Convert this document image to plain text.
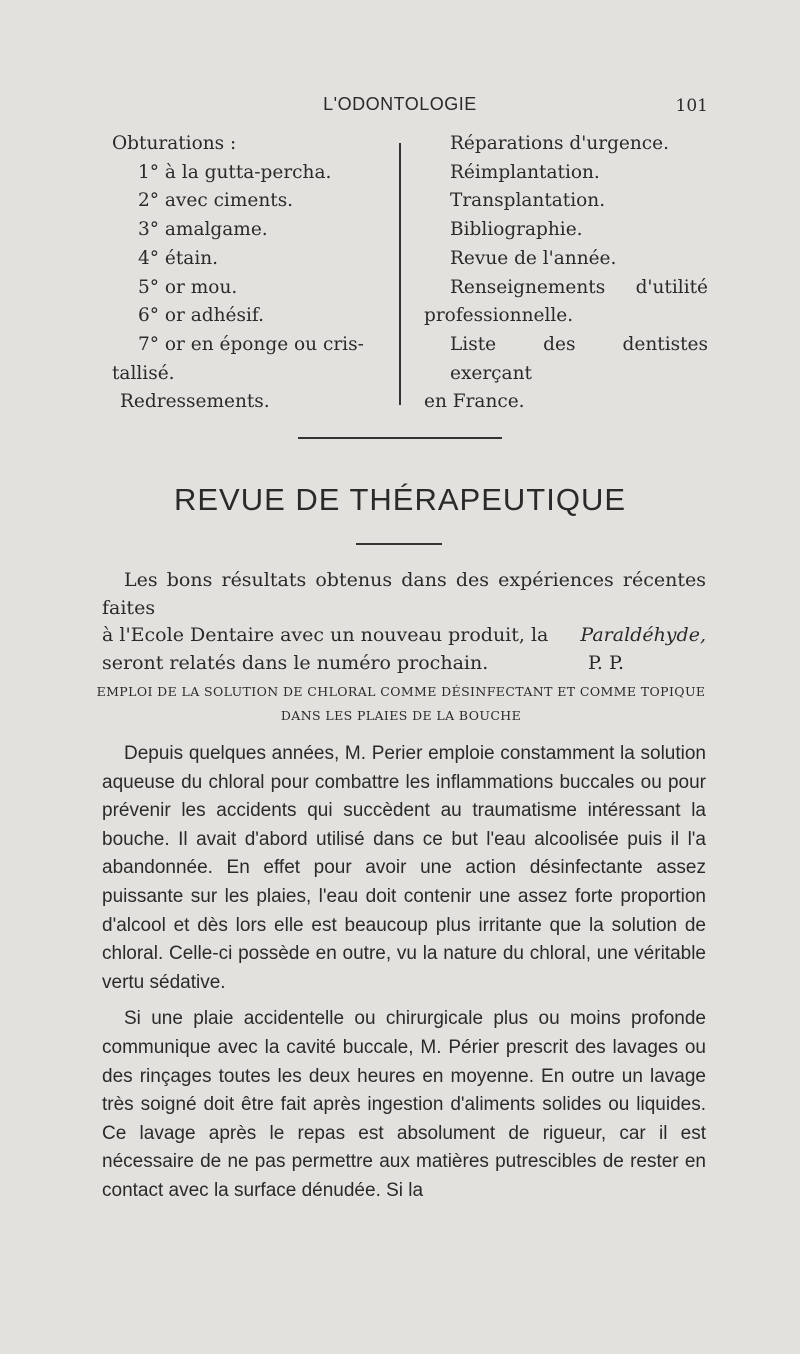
L'ODONTOLOGIE	101
Obturations :
1° à la gutta-percha.
2° avec ciments.
3° amalgame.
4° étain.
5° or mou.
6° or adhésif.
7° or en éponge ou cris-
tallisé.
Redressements.
Réparations d'urgence.
Réimplantation.
Transplantation.
Bibliographie.
Revue de l'année.
Renseignements d'utilité
professionnelle.
Liste des dentistes exerçant
en France.
REVUE DE THÉRAPEUTIQUE
Les bons résultats obtenus dans des expériences récentes faites
à l'Ecole Dentaire avec un nouveau produit, la Paraldéhyde,
seront relatés dans le numéro prochain.	P. P.
EMPLOI DE LA SOLUTION DE CHLORAL COMME DÉSINFECTANT ET COMME TOPIQUE DANS LES PLAIES DE LA BOUCHE

Depuis quelques années, M. Perier emploie constamment la solution aqueuse du chloral pour combattre les inflammations buccales ou pour prévenir les accidents qui succèdent au traumatisme intéressant la bouche. Il avait d'abord utilisé dans ce but l'eau alcoolisée puis il l'a abandonnée. En effet pour avoir une action désinfectante assez puissante sur les plaies, l'eau doit contenir une assez forte proportion d'alcool et dès lors elle est beaucoup plus irritante que la solution de chloral. Celle-ci possède en outre, vu la nature du chloral, une véritable vertu sédative.

Si une plaie accidentelle ou chirurgicale plus ou moins profonde communique avec la cavité buccale, M. Périer prescrit des lavages ou des rinçages toutes les deux heures en moyenne. En outre un lavage très soigné doit être fait après ingestion d'aliments solides ou liquides. Ce lavage après le repas est absolument de rigueur, car il est nécessaire de ne pas permettre aux matières putrescibles de rester en contact avec la surface dénudée. Si la
